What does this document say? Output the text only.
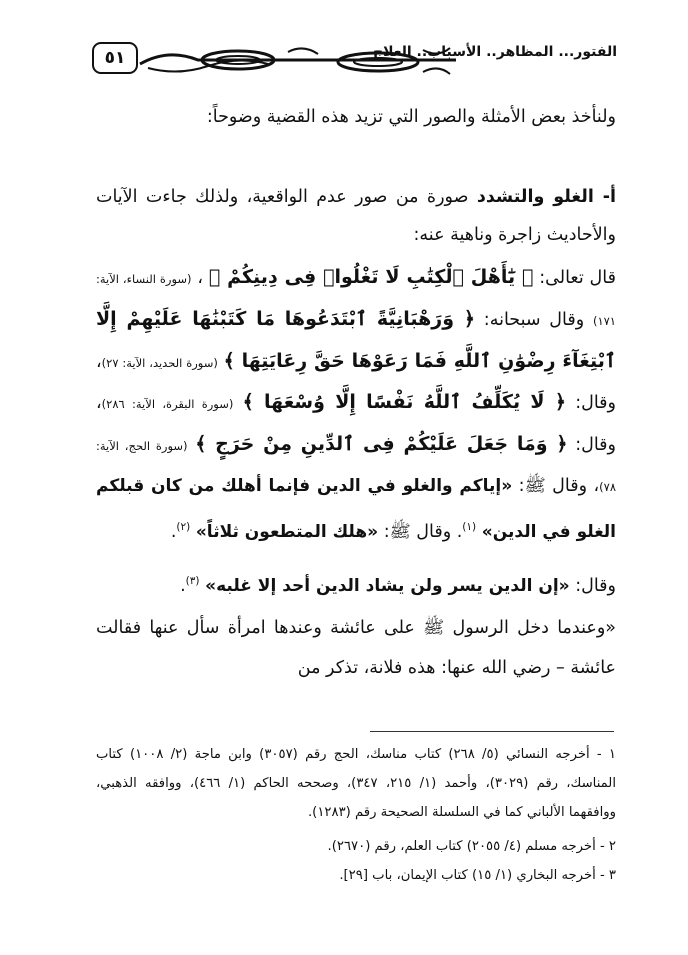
٥١	الفتور... المظاهر.. الأسباب.. العلاج

ولنأخذ بعض الأمثلة والصور التي تزيد هذه القضية وضوحاً:

أ- الغلو والتشدد صورة من صور عدم الواقعية، ولذلك جاءت الآيات والأحاديث زاجرة وناهية عنه:

قال تعالى: ﴿ يَٰٓأَهْلَ ٱلْكِتَٰبِ لَا تَغْلُوا۟ فِى دِينِكُمْ ﴾ ، (سورة النساء، الآية: ١٧١) وقال سبحانه: ﴿ وَرَهْبَانِيَّةً ٱبْتَدَعُوهَا مَا كَتَبْنَٰهَا عَلَيْهِمْ إِلَّا ٱبْتِغَآءَ رِضْوَٰنِ ٱللَّهِ فَمَا رَعَوْهَا حَقَّ رِعَايَتِهَا ﴾ (سورة الحديد، الآية: ٢٧)، وقال: ﴿ لَا يُكَلِّفُ ٱللَّهُ نَفْسًا إِلَّا وُسْعَهَا ﴾ (سورة البقرة، الآية: ٢٨٦)، وقال: ﴿ وَمَا جَعَلَ عَلَيْكُمْ فِى ٱلدِّينِ مِنْ حَرَجٍ ﴾ (سورة الحج، الآية: ٧٨)، وقال ﷺ: «إياكم والغلو في الدين فإنما أهلك من كان قبلكم الغلو في الدين» (١). وقال ﷺ: «هلك المتطعون ثلاثاً» (٢).

وقال: «إن الدين يسر ولن يشاد الدين أحد إلا غلبه» (٣).

«وعندما دخل الرسول ﷺ على عائشة وعندها امرأة سأل عنها فقالت عائشة – رضي الله عنها: هذه فلانة، تذكر من

١ - أخرجه النسائي (٥/ ٢٦٨) كتاب مناسك، الحج رقم (٣٠٥٧) وابن ماجة (٢/ ١٠٠٨) كتاب المناسك، رقم (٣٠٢٩)، وأحمد (١/ ٢١٥، ٣٤٧)، وصححه الحاكم (١/ ٤٦٦)، ووافقه الذهبي، ووافقهما الألباني كما في السلسلة الصحيحة رقم (١٢٨٣).

٢ - أخرجه مسلم (٤/ ٢٠٥٥) كتاب العلم، رقم (٢٦٧٠).

٣ - أخرجه البخاري (١/ ١٥) كتاب الإيمان، باب [٢٩].
